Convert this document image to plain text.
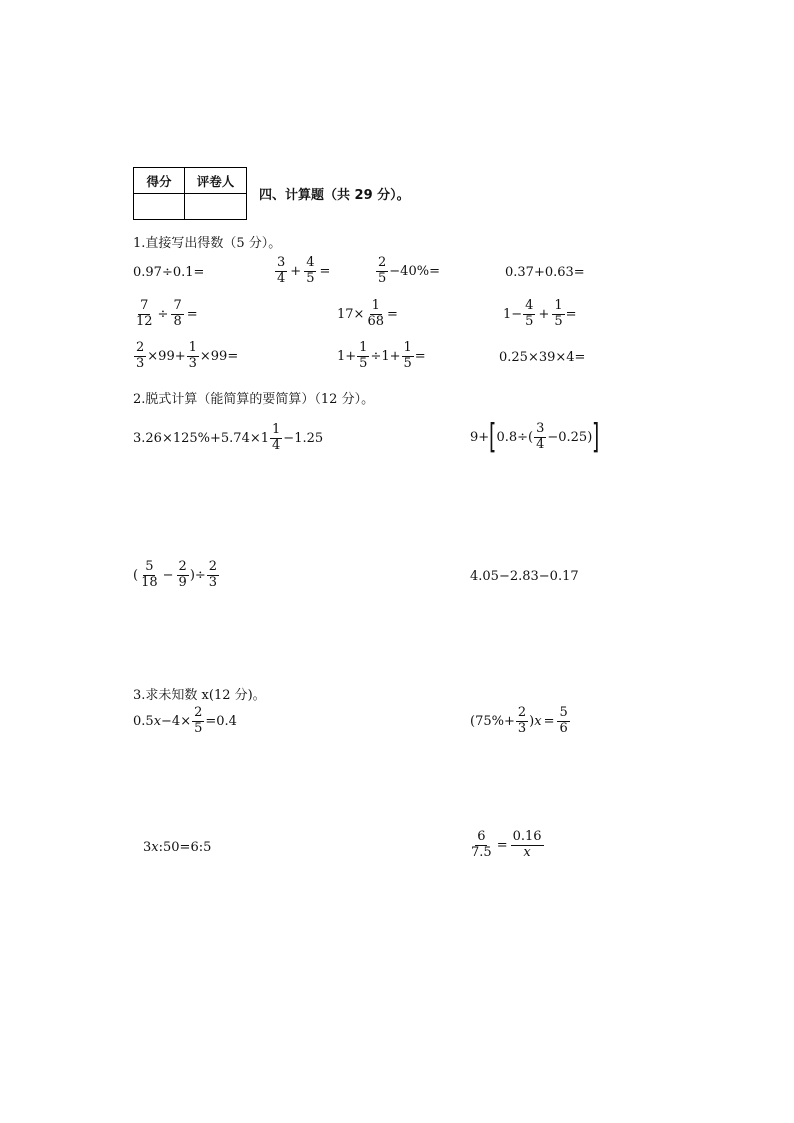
得分	评卷人

四、计算题（共 29 分）。
1.直接写出得数（5 分）。
0.97÷0.1=	$\frac{3}{4} + \frac{4}{5}$ =	$\frac{2}{5} -40\%=$	0.37+0.63=
$\frac{7}{12} \div \frac{7}{8}$ =	$17\times \frac{1}{68}$ =	$1- \frac{4}{5} + \frac{1}{5}$ =
$\frac{2}{3} \times 99+ \frac{1}{3} \times 99=$	$1+ \frac{1}{5} \div 1+ \frac{1}{5}$ =	0.25×39×4=
2.脱式计算（能简算的要简算）（12 分）。
$3.26\times 125\%+5.74\times 1 \frac{1}{4} -1.25$	9+ [ $0.8\div( \frac{3}{4} -0.25)$ ]
( $\frac{5}{18} - \frac{2}{9}$ )÷ $\frac{2}{3}$	4.05−2.83−0.17
3.求未知数 x(12 分)。
0.5 $x -4\times \frac{2}{5} =0.4$	($75\%+ \frac{2}{3}$ ) $x = \frac{5}{6}$
3 x :50=6:5	$\frac{6}{7.5} = \frac{0.16}{x}$
